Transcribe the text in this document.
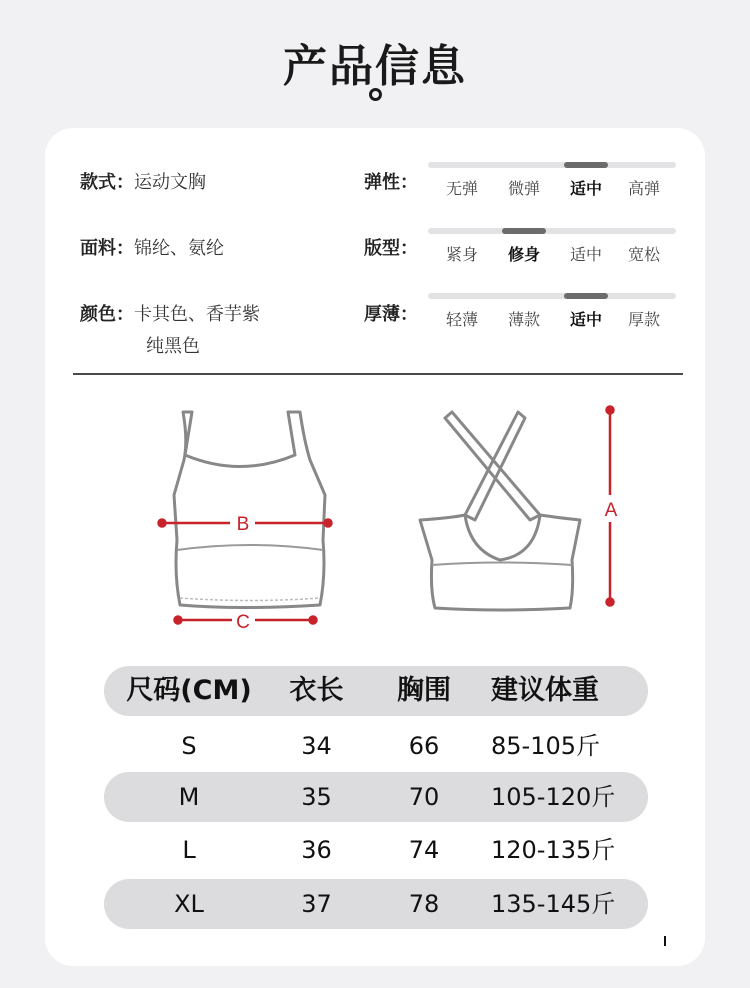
产品信息
款式：运动文胸
面料：锦纶、氨纶
颜色：卡其色、香芋紫
纯黑色
弹性：	无弹	微弹	适中	高弹
版型：	紧身	修身	适中	宽松
厚薄：	轻薄	薄款	适中	厚款
B
C
A
尺码(CM)	衣长	胸围	建议体重
S	34	66	85-105斤
M	35	70	105-120斤
L	36	74	120-135斤
XL	37	78	135-145斤
